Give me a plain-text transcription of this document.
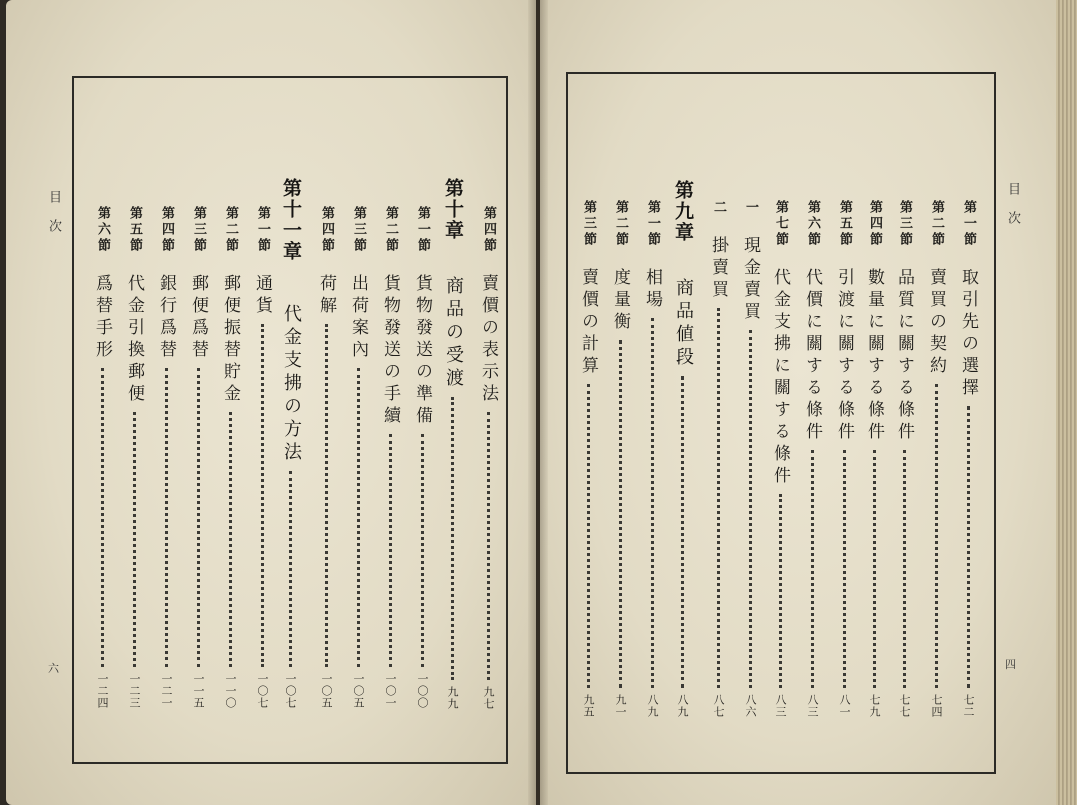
目次	目次
六	四
第四節
賣價の表示法
九七
第十章
商品の受渡
九九
第一節
貨物發送の準備
一〇〇
第二節
貨物發送の手續
一〇一
第三節
出荷案內
一〇五
第四節
荷解
一〇五
第十一章
代金支拂の方法
一〇七
第一節
通貨
一〇七
第二節
郵便振替貯金
一一〇
第三節
郵便爲替
一一五
第四節
銀行爲替
一二一
第五節
代金引換郵便
一二三
第六節
爲替手形
一二四
第一節
取引先の選擇
七二
第二節
賣買の契約
七四
第三節
品質に關する條件
七七
第四節
數量に關する條件
七九
第五節
引渡に關する條件
八一
第六節
代價に關する條件
八三
第七節
代金支拂に關する條件
八三
一
現金賣買
八六
二
掛賣買
八七
第九章
商品値段
八九
第一節
相場
八九
第二節
度量衡
九一
第三節
賣價の計算
九五
